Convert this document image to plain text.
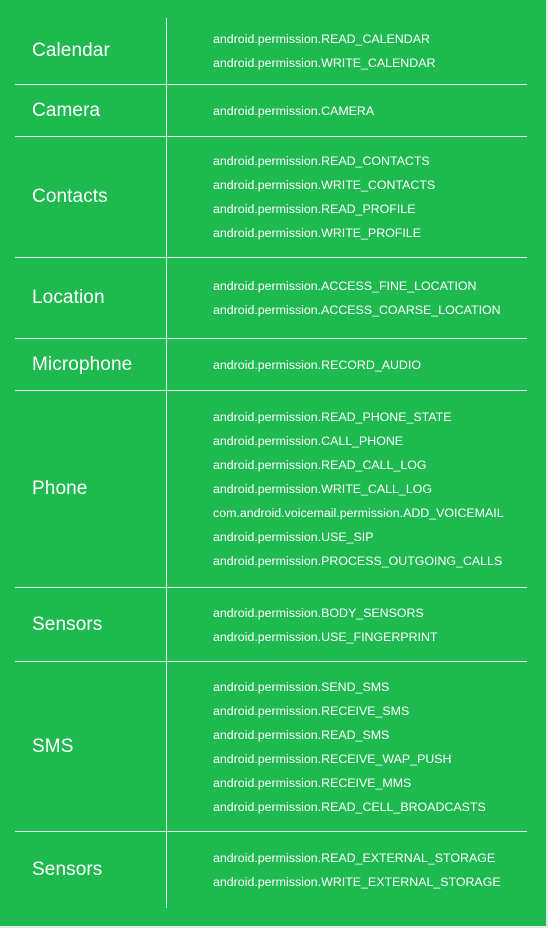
Calendar
android.permission.READ_CALENDAR
android.permission.WRITE_CALENDAR
Camera	android.permission.CAMERA
Contacts
android.permission.READ_CONTACTS
android.permission.WRITE_CONTACTS
android.permission.READ_PROFILE
android.permission.WRITE_PROFILE
Location
android.permission.ACCESS_FINE_LOCATION
android.permission.ACCESS_COARSE_LOCATION
Microphone	android.permission.RECORD_AUDIO
Phone
android.permission.READ_PHONE_STATE
android.permission.CALL_PHONE
android.permission.READ_CALL_LOG
android.permission.WRITE_CALL_LOG
com.android.voicemail.permission.ADD_VOICEMAIL
android.permission.USE_SIP
android.permission.PROCESS_OUTGOING_CALLS
Sensors
android.permission.BODY_SENSORS
android.permission.USE_FINGERPRINT
SMS
android.permission.SEND_SMS
android.permission.RECEIVE_SMS
android.permission.READ_SMS
android.permission.RECEIVE_WAP_PUSH
android.permission.RECEIVE_MMS
android.permission.READ_CELL_BROADCASTS
Sensors
android.permission.READ_EXTERNAL_STORAGE
android.permission.WRITE_EXTERNAL_STORAGE
